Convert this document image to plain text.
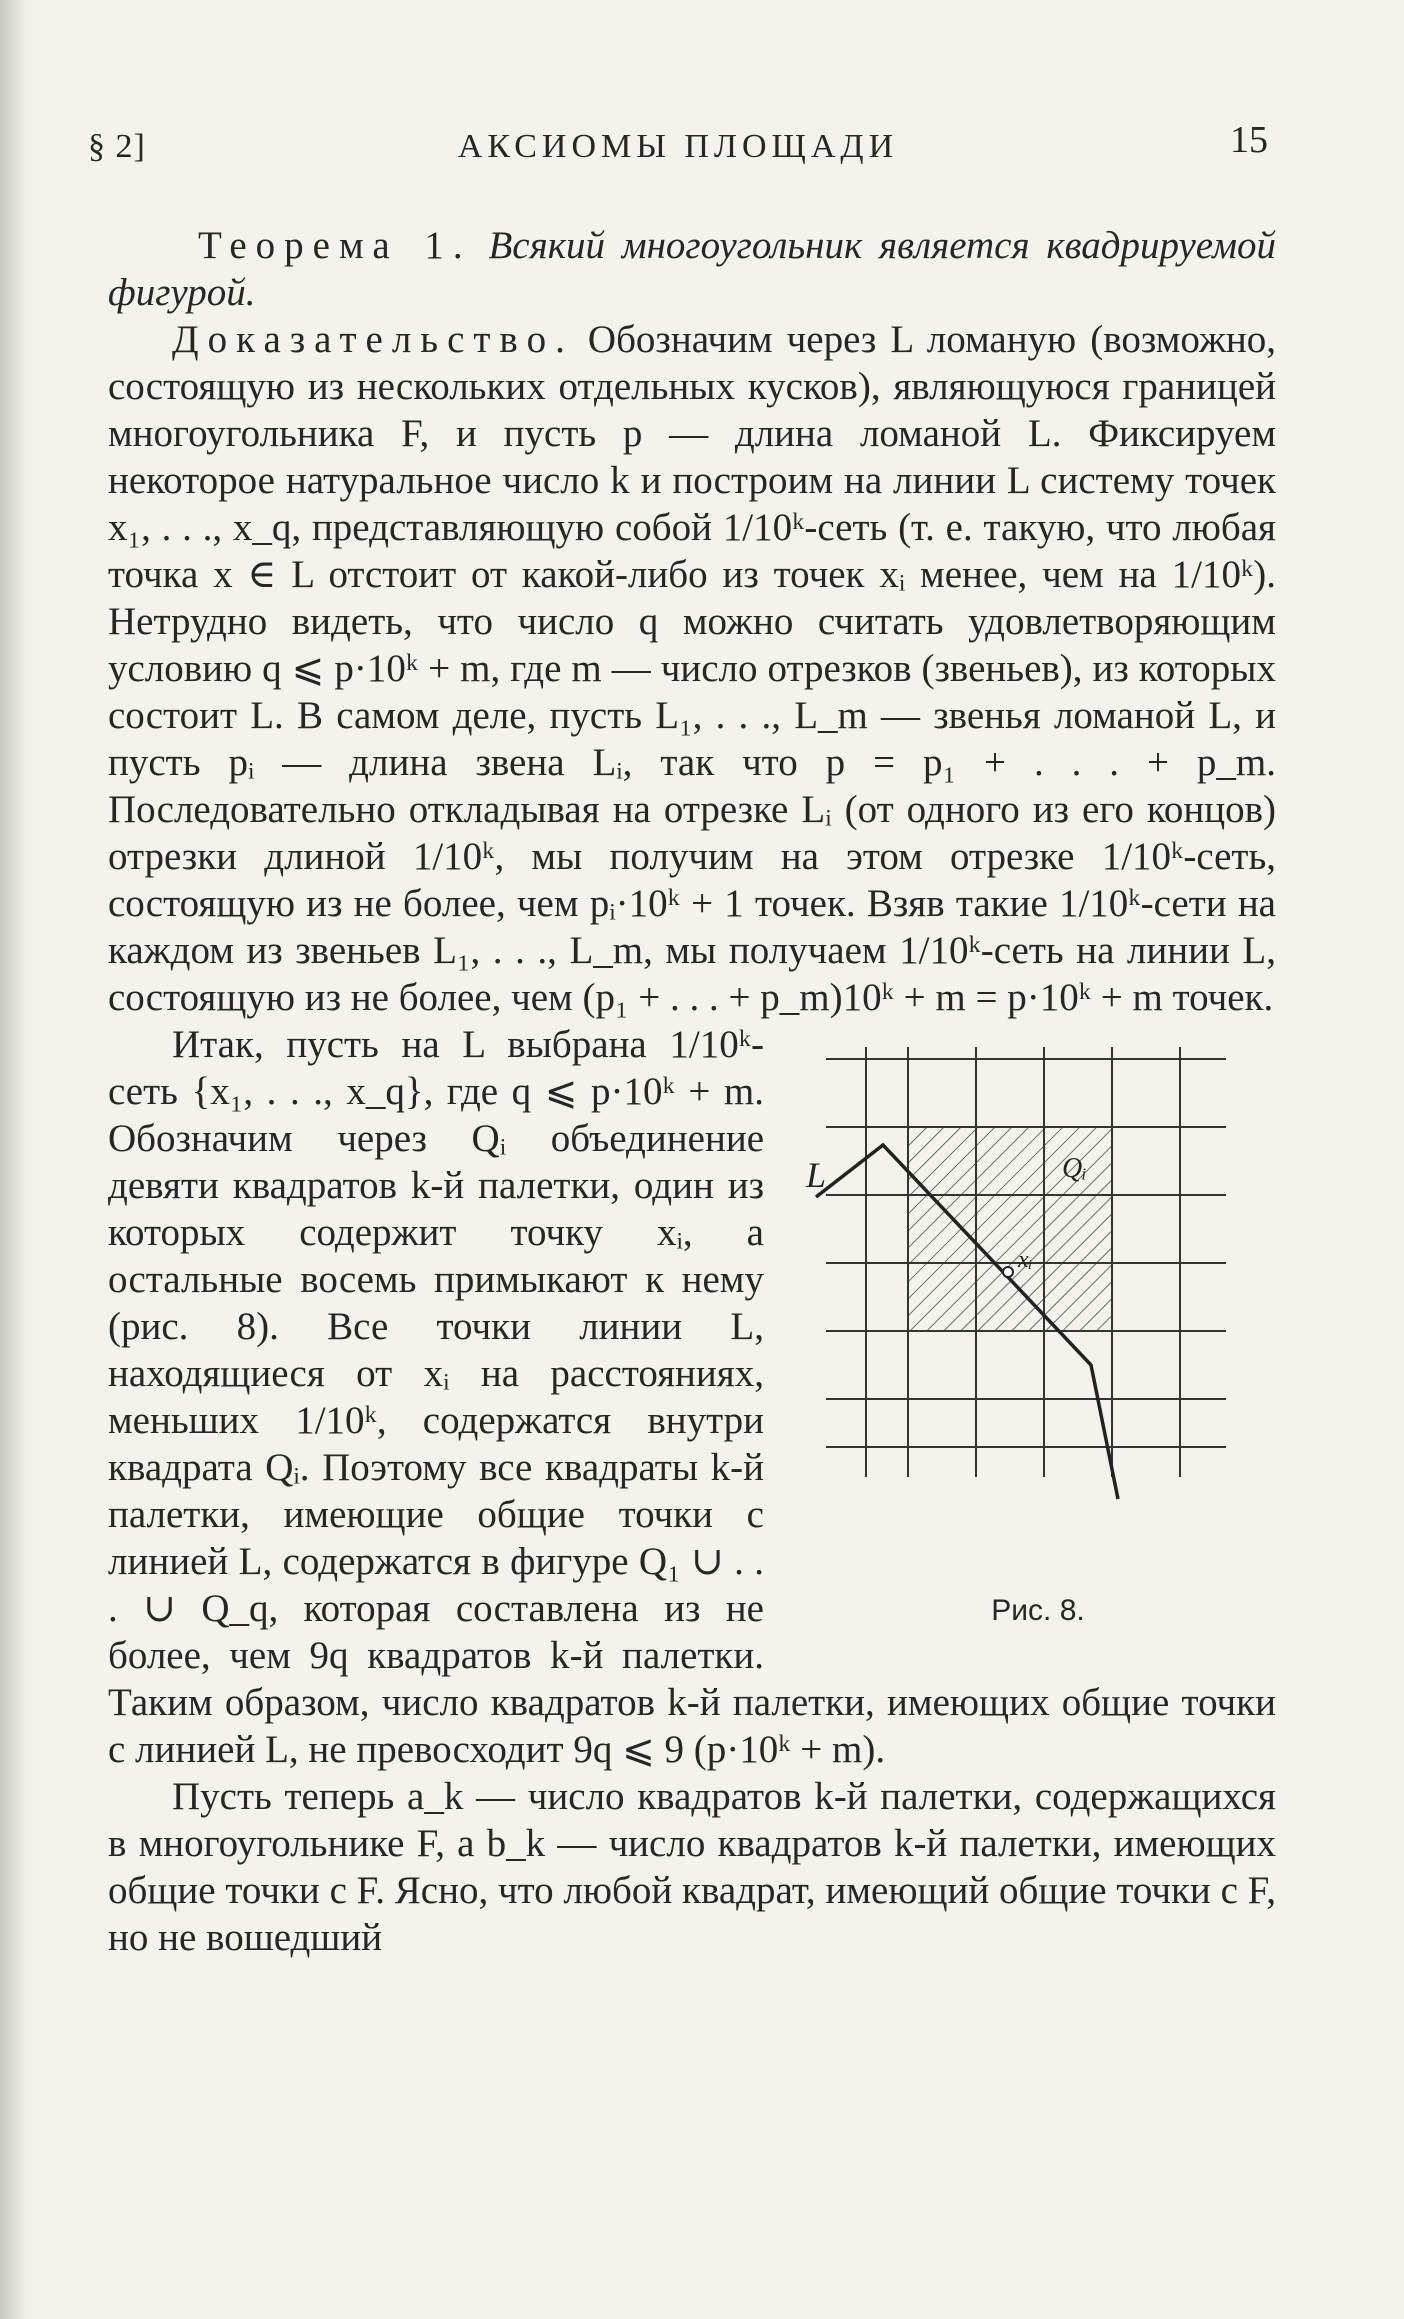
§ 2]	АКСИОМЫ ПЛОЩАДИ	15

Теорема 1. Всякий многоугольник является квадрируемой фигурой.

Доказательство. Обозначим через L ломаную (возможно, состоящую из нескольких отдельных кусков), являющуюся границей многоугольника F, и пусть p — длина ломаной L. Фиксируем некоторое натуральное число k и построим на линии L систему точек x₁, . . ., x_q, представляющую собой 1/10ᵏ-сеть (т. е. такую, что любая точка x ∈ L отстоит от какой-либо из точек xᵢ менее, чем на 1/10ᵏ). Нетрудно видеть, что число q можно считать удовлетворяющим условию q ⩽ p·10ᵏ + m, где m — число отрезков (звеньев), из которых состоит L. В самом деле, пусть L₁, . . ., L_m — звенья ломаной L, и пусть pᵢ — длина звена Lᵢ, так что p = p₁ + . . . + p_m. Последовательно откладывая на отрезке Lᵢ (от одного из его концов) отрезки длиной 1/10ᵏ, мы получим на этом отрезке 1/10ᵏ-сеть, состоящую из не более, чем pᵢ·10ᵏ + 1 точек. Взяв такие 1/10ᵏ-сети на каждом из звеньев L₁, . . ., L_m, мы получаем 1/10ᵏ-сеть на линии L, состоящую из не более, чем (p₁ + . . . + p_m)10ᵏ + m = p·10ᵏ + m точек.

L	Qᵢ
xᵢ
Рис. 8.
Итак, пусть на L выбрана 1/10ᵏ-сеть {x₁, . . ., x_q}, где q ⩽ p·10ᵏ + m. Обозначим через Qᵢ объединение девяти квадратов k-й палетки, один из которых содержит точку xᵢ, а остальные восемь примыкают к нему (рис. 8). Все точки линии L, находящиеся от xᵢ на расстояниях, меньших 1/10ᵏ, содержатся внутри квадрата Qᵢ. Поэтому все квадраты k-й палетки, имеющие общие точки с линией L, содержатся в фигуре Q₁ ∪ . . . ∪ Q_q, которая составлена из не более, чем 9q квадратов k-й палетки. Таким образом, число квадратов k-й палетки, имеющих общие точки с линией L, не превосходит 9q ⩽ 9 (p·10ᵏ + m).

Пусть теперь a_k — число квадратов k-й палетки, содержащихся в многоугольнике F, а b_k — число квадратов k-й палетки, имеющих общие точки с F. Ясно, что любой квадрат, имеющий общие точки с F, но не вошедший
